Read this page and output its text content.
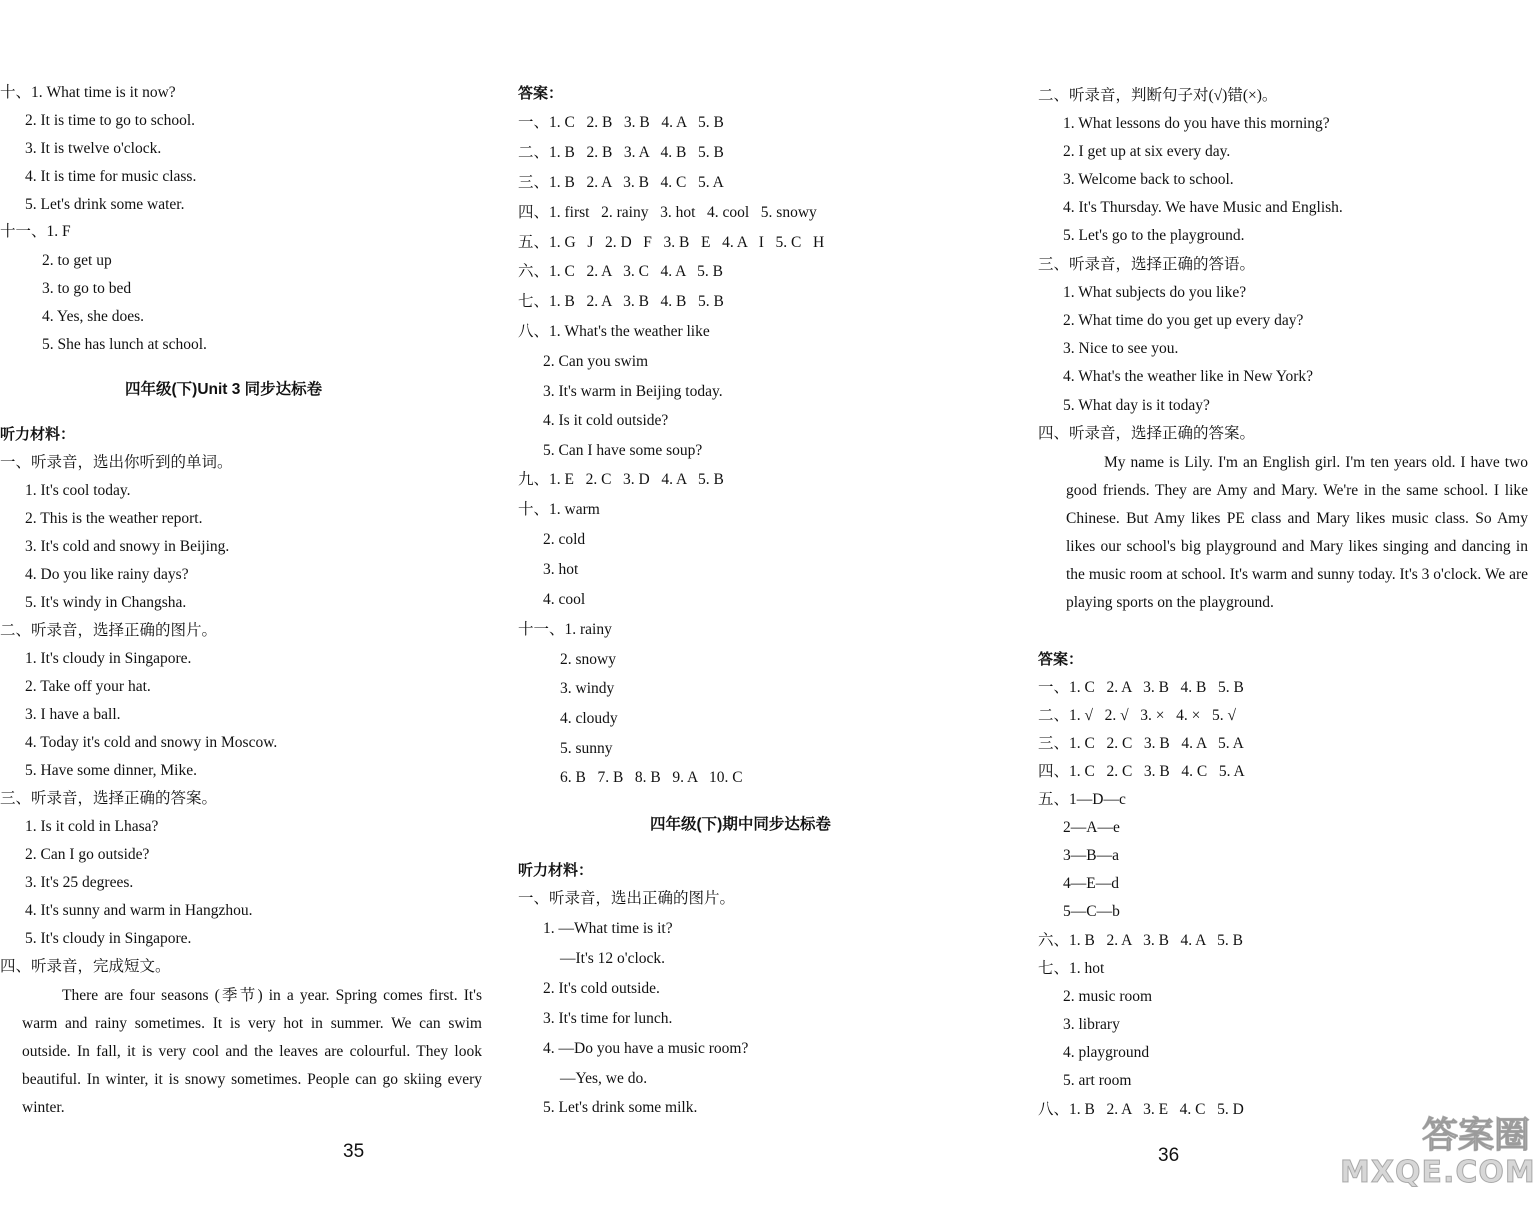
十、1. What time is it now?
2. It is time to go to school.
3. It is twelve o'clock.
4. It is time for music class.
5. Let's drink some water.
十一、1. F
2. to get up
3. to go to bed
4. Yes, she does.
5. She has lunch at school.
四年级(下)Unit 3 同步达标卷
听力材料：
一、听录音，选出你听到的单词。
1. It's cool today.
2. This is the weather report.
3. It's cold and snowy in Beijing.
4. Do you like rainy days?
5. It's windy in Changsha.
二、听录音，选择正确的图片。
1. It's cloudy in Singapore.
2. Take off your hat.
3. I have a ball.
4. Today it's cold and snowy in Moscow.
5. Have some dinner, Mike.
三、听录音，选择正确的答案。
1. Is it cold in Lhasa?
2. Can I go outside?
3. It's 25 degrees.
4. It's sunny and warm in Hangzhou.
5. It's cloudy in Singapore.
四、听录音，完成短文。
There are four seasons (季节) in a year. Spring comes first. It's warm and rainy sometimes. It is very hot in summer. We can swim outside. In fall, it is very cool and the leaves are colourful. They look beautiful. In winter, it is snowy sometimes. People can go skiing every winter.
35
答案：
一、1. C   2. B   3. B   4. A   5. B
二、1. B   2. B   3. A   4. B   5. B
三、1. B   2. A   3. B   4. C   5. A
四、1. first   2. rainy   3. hot   4. cool   5. snowy
五、1. G   J   2. D   F   3. B   E   4. A   I   5. C   H
六、1. C   2. A   3. C   4. A   5. B
七、1. B   2. A   3. B   4. B   5. B
八、1. What's the weather like
2. Can you swim
3. It's warm in Beijing today.
4. Is it cold outside?
5. Can I have some soup?
九、1. E   2. C   3. D   4. A   5. B
十、1. warm
2. cold
3. hot
4. cool
十一、1. rainy
2. snowy
3. windy
4. cloudy
5. sunny
6. B   7. B   8. B   9. A   10. C
四年级(下)期中同步达标卷
听力材料：
一、听录音，选出正确的图片。
1. —What time is it?
—It's 12 o'clock.
2. It's cold outside.
3. It's time for lunch.
4. —Do you have a music room?
—Yes, we do.
5. Let's drink some milk.
二、听录音，判断句子对(√)错(×)。
1. What lessons do you have this morning?
2. I get up at six every day.
3. Welcome back to school.
4. It's Thursday. We have Music and English.
5. Let's go to the playground.
三、听录音，选择正确的答语。
1. What subjects do you like?
2. What time do you get up every day?
3. Nice to see you.
4. What's the weather like in New York?
5. What day is it today?
四、听录音，选择正确的答案。
My name is Lily. I'm an English girl. I'm ten years old. I have two good friends. They are Amy and Mary. We're in the same school. I like Chinese. But Amy likes PE class and Mary likes music class. So Amy likes our school's big playground and Mary likes singing and dancing in the music room at school. It's warm and sunny today. It's 3 o'clock. We are playing sports on the playground.
答案：
一、1. C   2. A   3. B   4. B   5. B
二、1. √   2. √   3. ×   4. ×   5. √
三、1. C   2. C   3. B   4. A   5. A
四、1. C   2. C   3. B   4. C   5. A
五、1—D—c
2—A—e
3—B—a
4—E—d
5—C—b
六、1. B   2. A   3. B   4. A   5. B
七、1. hot
2. music room
3. library
4. playground
5. art room
八、1. B   2. A   3. E   4. C   5. D
36	答案圈
MXQE.COM
